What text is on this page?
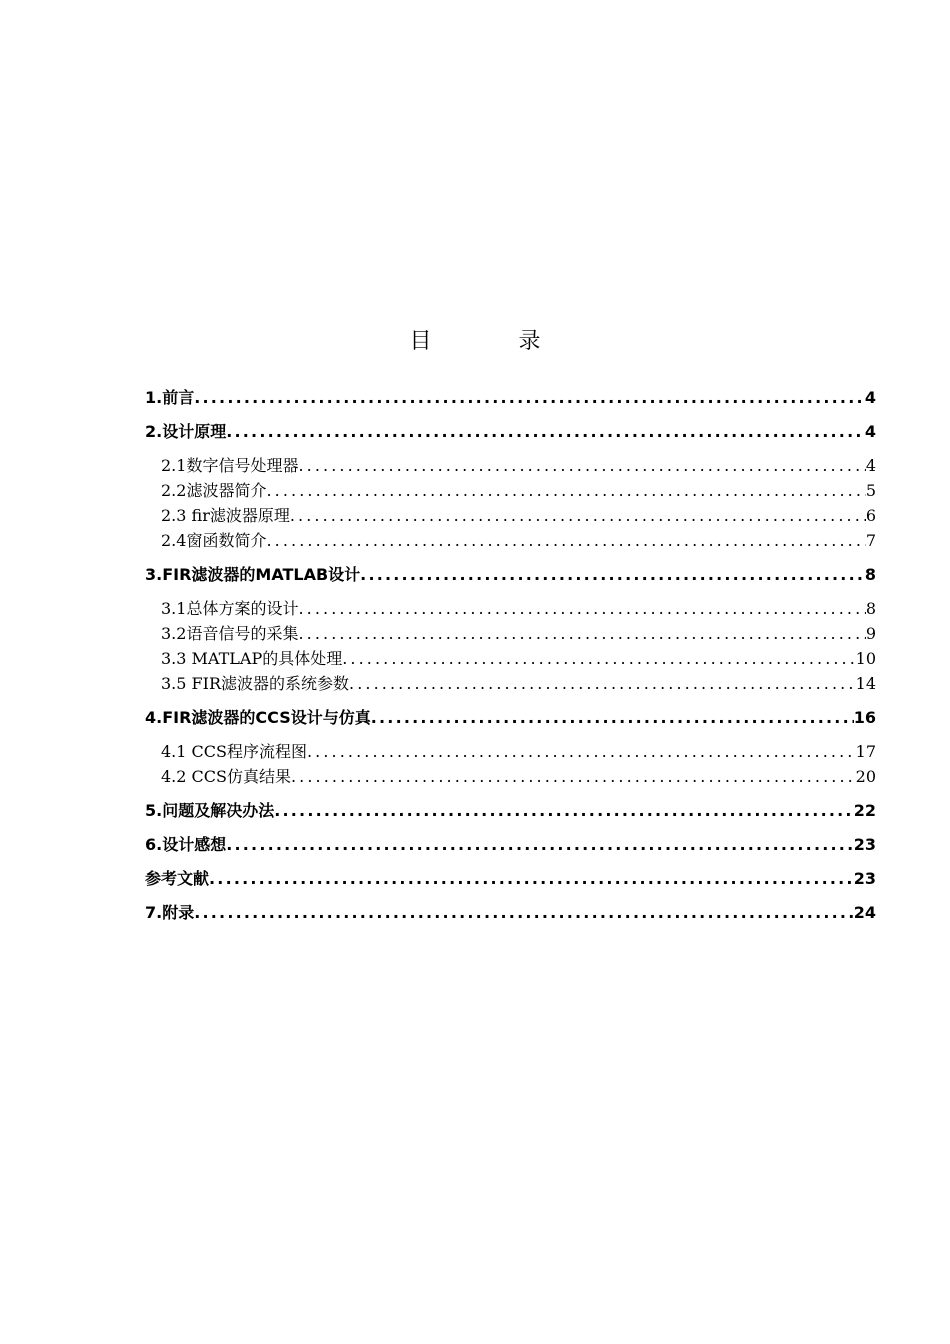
目 录
1.前言 .....	4
2.设计原理 .....	4
2.1数字信号处理器 .....	4
2.2滤波器简介 .....	5
2.3 fir滤波器原理 .....	6
2.4窗函数简介 .....	7
3.FIR滤波器的MATLAB设计 .....	8
3.1总体方案的设计 .....	8
3.2语音信号的采集 .....	9
3.3 MATLAP的具体处理 .....	10
3.5 FIR滤波器的系统参数 .....	14
4.FIR滤波器的CCS设计与仿真 .....	16
4.1 CCS程序流程图 .....	17
4.2 CCS仿真结果 .....	20
5.问题及解决办法 .....	22
6.设计感想 .....	23
参考文献 .....	23
7.附录 .....	24
